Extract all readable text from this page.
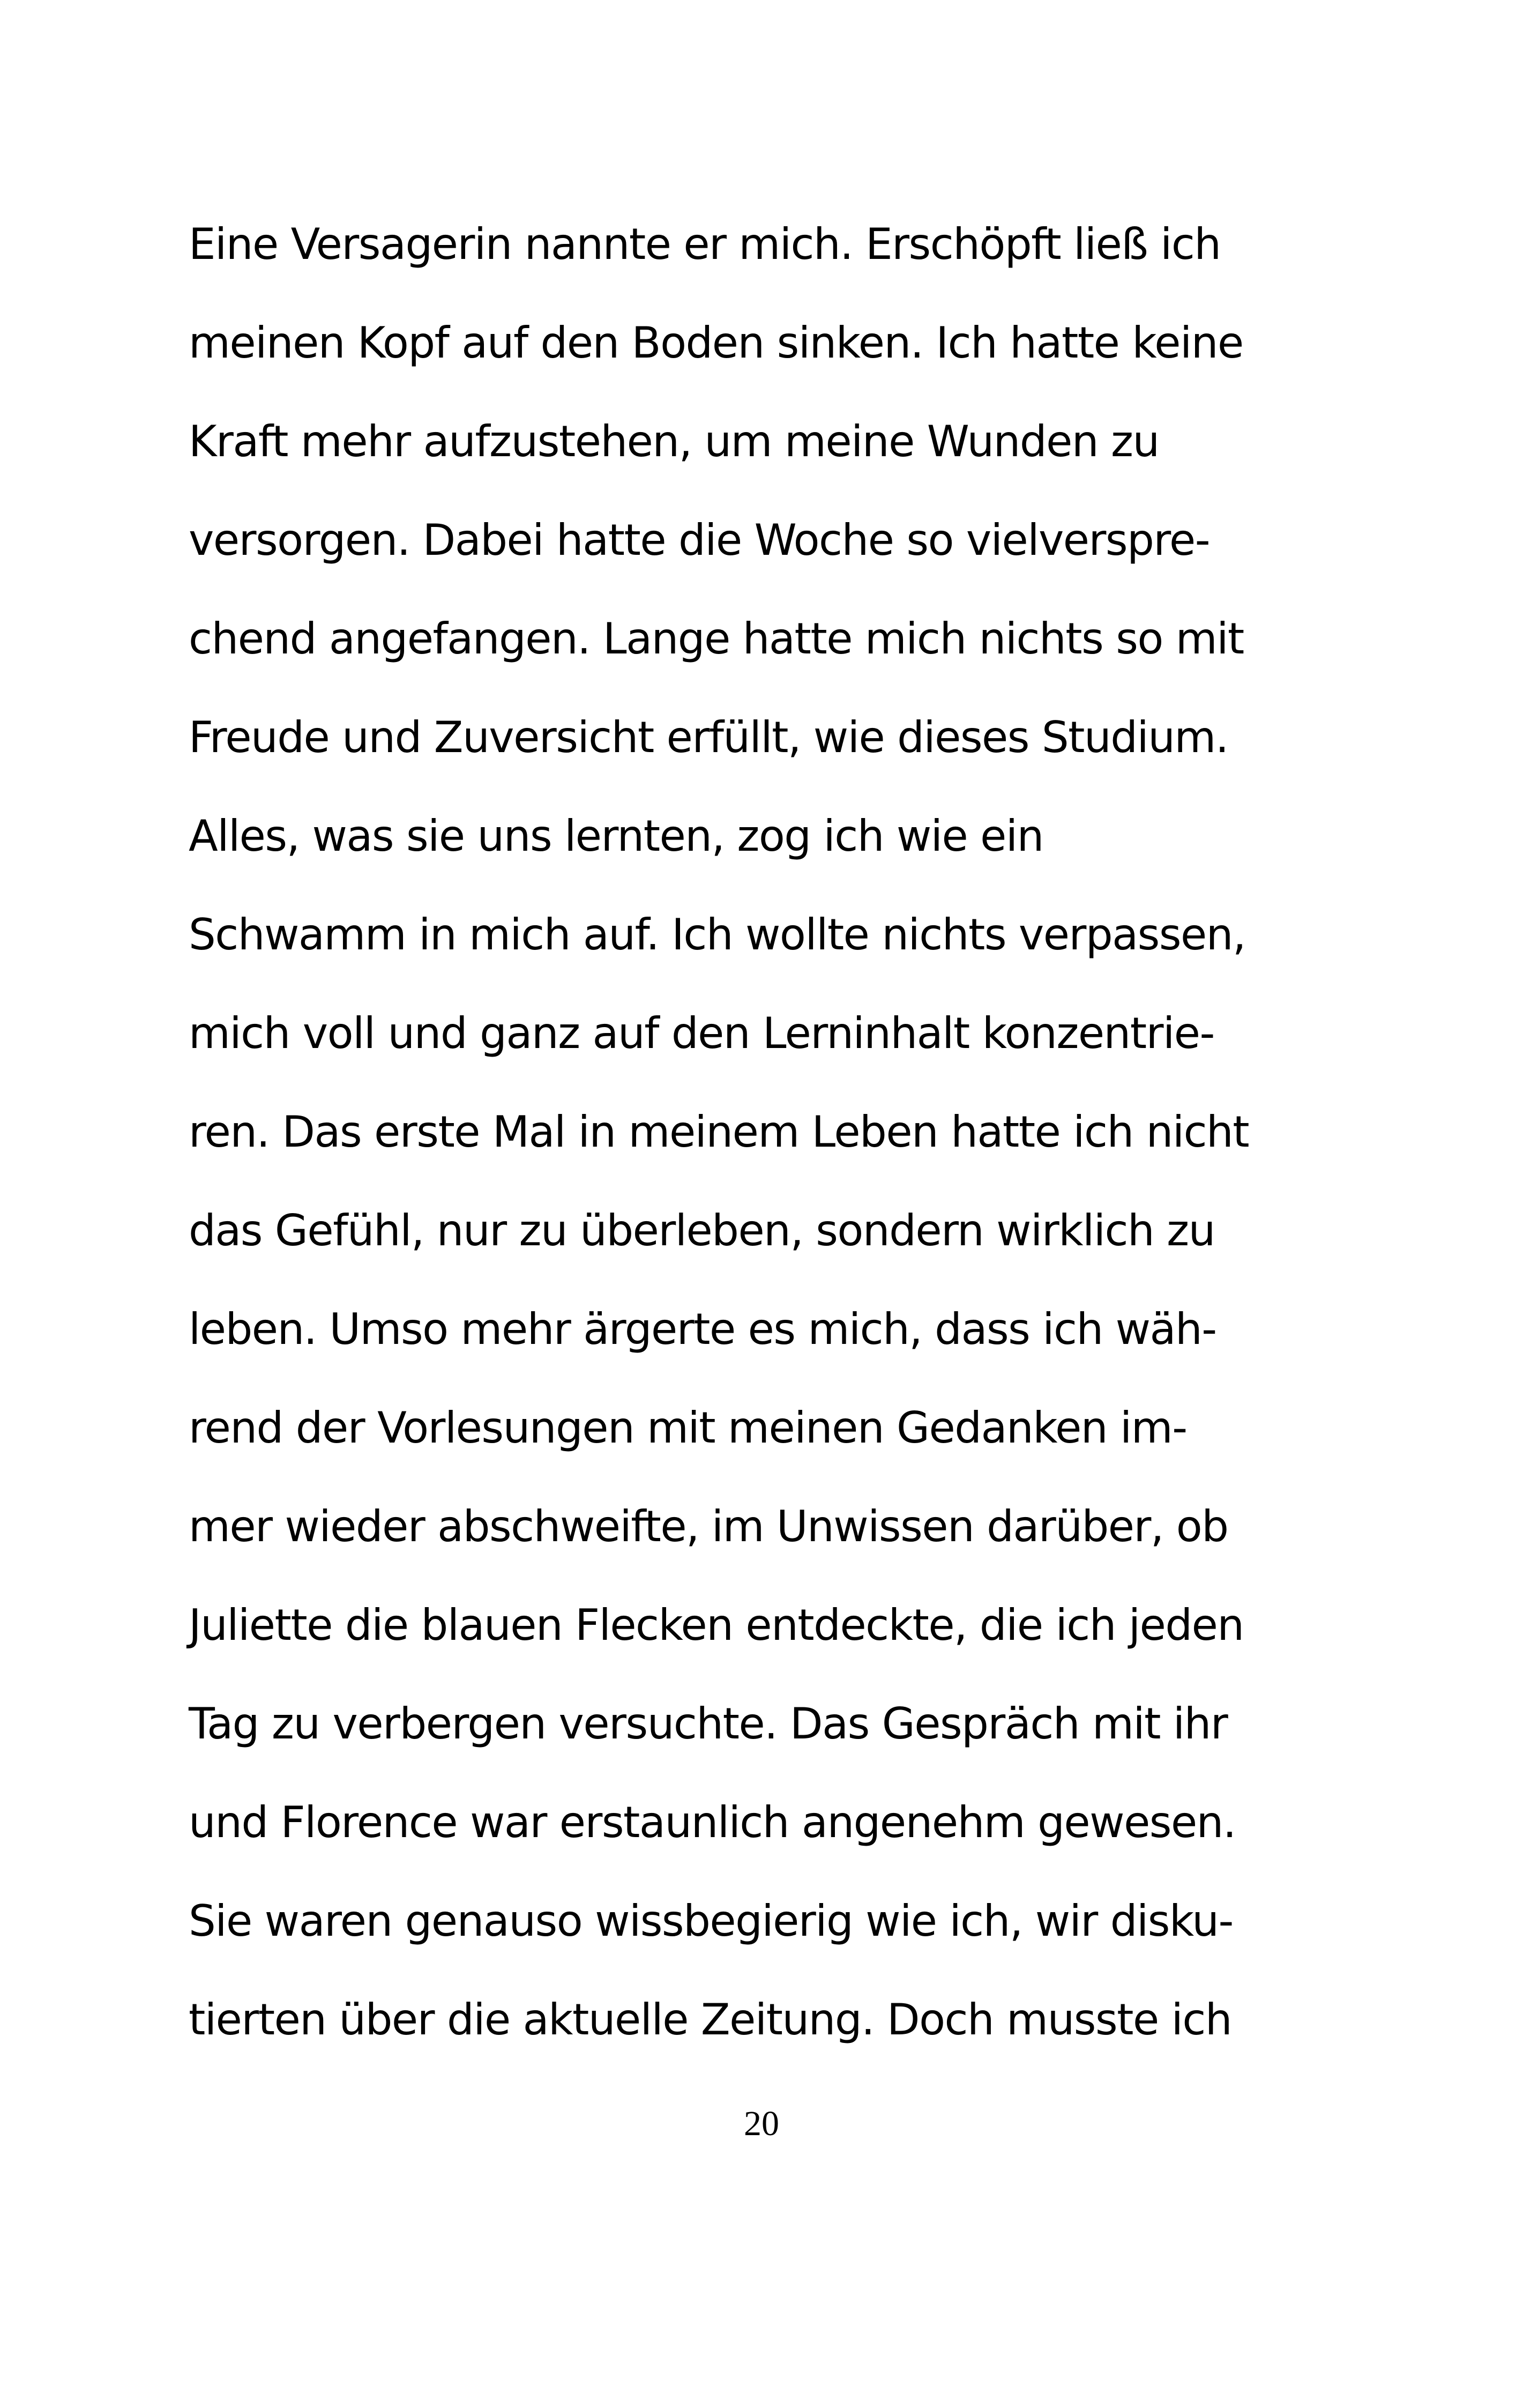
Eine Versagerin nannte er mich. Erschöpft ließ ich
meinen Kopf auf den Boden sinken. Ich hatte keine
Kraft mehr aufzustehen, um meine Wunden zu
versorgen. Dabei hatte die Woche so vielverspre-
chend angefangen. Lange hatte mich nichts so mit
Freude und Zuversicht erfüllt, wie dieses Studium.
Alles, was sie uns lernten, zog ich wie ein
Schwamm in mich auf. Ich wollte nichts verpassen,
mich voll und ganz auf den Lerninhalt konzentrie-
ren. Das erste Mal in meinem Leben hatte ich nicht
das Gefühl, nur zu überleben, sondern wirklich zu
leben. Umso mehr ärgerte es mich, dass ich wäh-
rend der Vorlesungen mit meinen Gedanken im-
mer wieder abschweifte, im Unwissen darüber, ob
Juliette die blauen Flecken entdeckte, die ich jeden
Tag zu verbergen versuchte. Das Gespräch mit ihr
und Florence war erstaunlich angenehm gewesen.
Sie waren genauso wissbegierig wie ich, wir disku-
tierten über die aktuelle Zeitung. Doch musste ich
20
